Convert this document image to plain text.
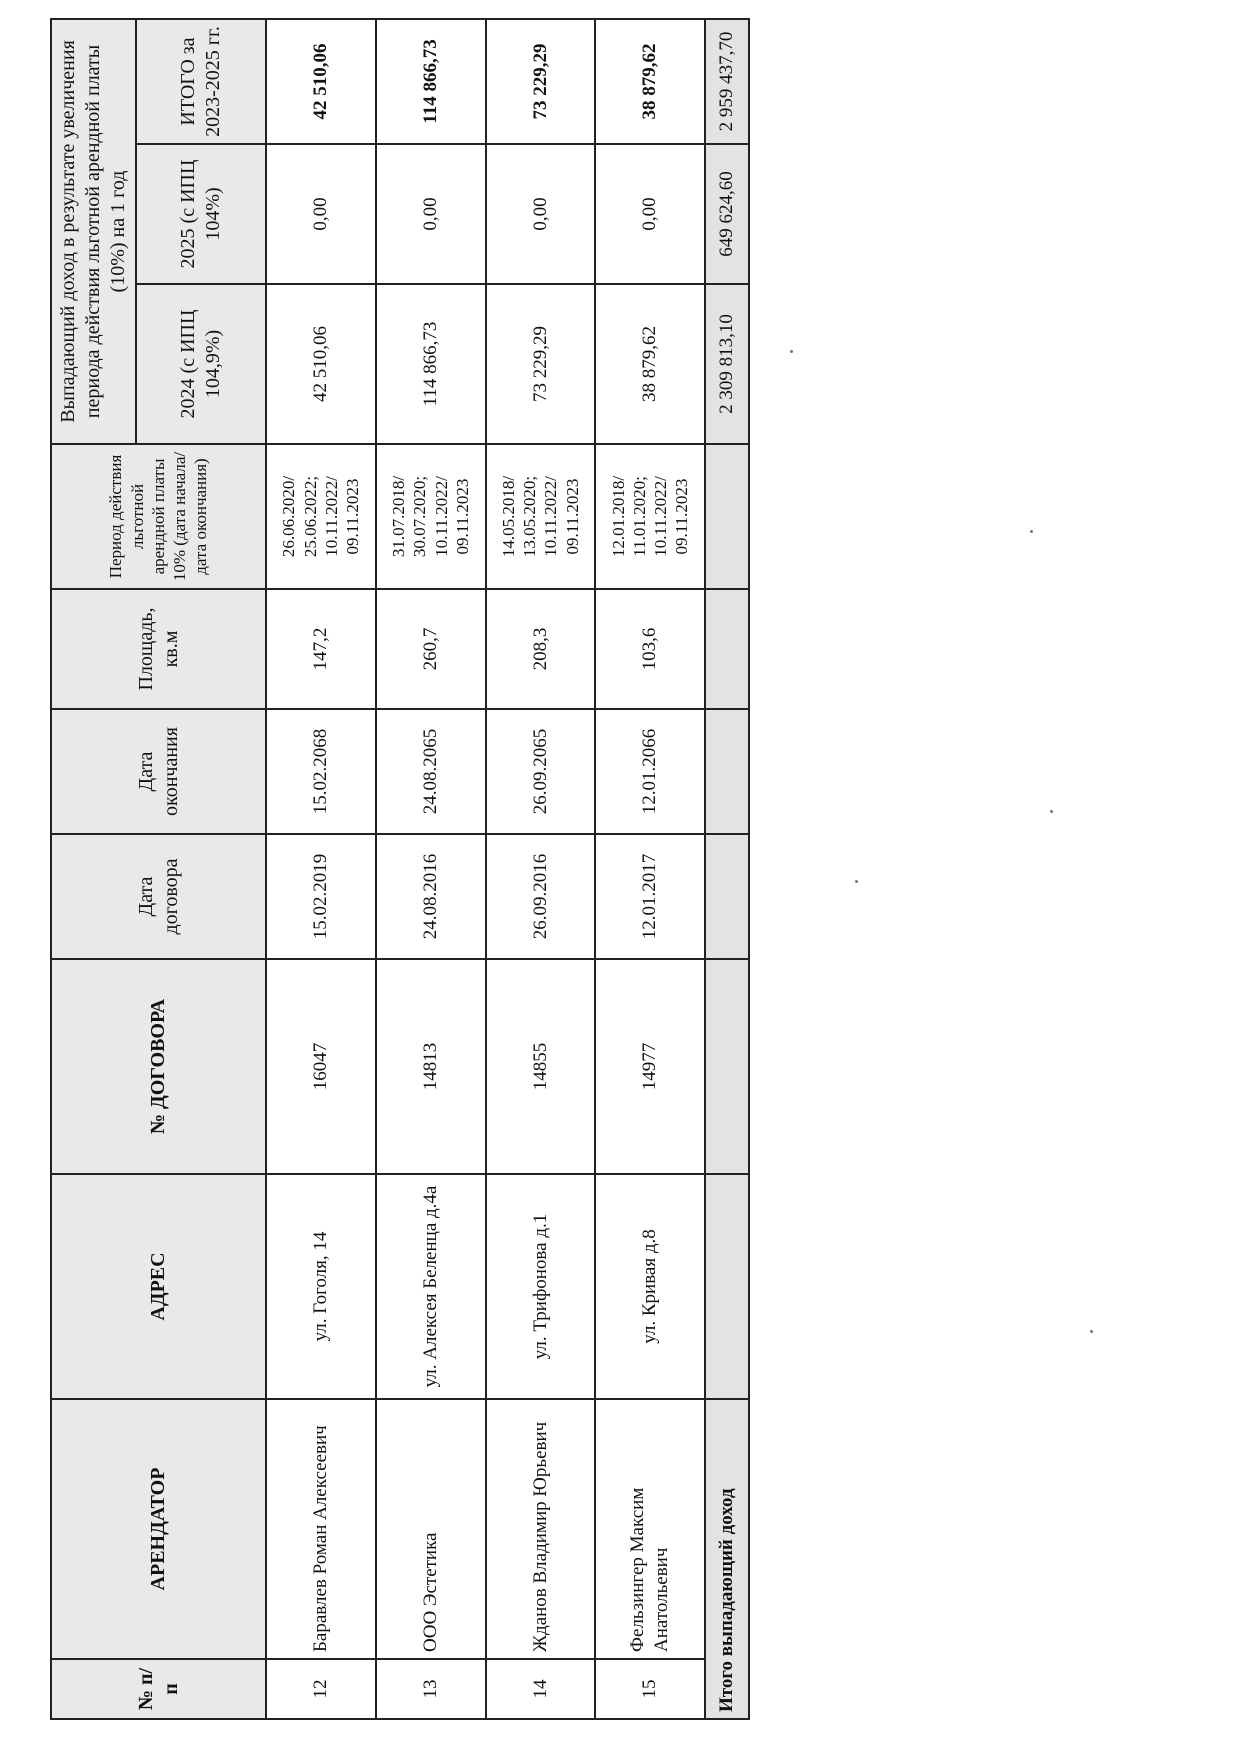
№ п/п	АРЕНДАТОР	АДРЕС	№ ДОГОВОРА	Дата договора	Дата окончания	Площадь, кв.м	Период действия льготной арендной платы 10% (дата начала/дата окончания)	Выпадающий доход в результате увеличения периода действия льготной арендной платы (10%) на 1 год		
								2024 (с ИПЦ 104,9%)	2025 (с ИПЦ 104%)	ИТОГО за 2023-2025 гг.
12	Баравлев Роман Алексеевич	ул. Гоголя, 14	16047	15.02.2019	15.02.2068	147,2	26.06.2020/ 25.06.2022; 10.11.2022/ 09.11.2023	42 510,06	0,00	42 510,06
13	ООО Эстетика	ул. Алексея Беленца д.4а	14813	24.08.2016	24.08.2065	260,7	31.07.2018/ 30.07.2020; 10.11.2022/ 09.11.2023	114 866,73	0,00	114 866,73
14	Жданов Владимир Юрьевич	ул. Трифонова д.1	14855	26.09.2016	26.09.2065	208,3	14.05.2018/ 13.05.2020; 10.11.2022/ 09.11.2023	73 229,29	0,00	73 229,29
15	Фельзингер Максим Анатольевич	ул. Кривая д.8	14977	12.01.2017	12.01.2066	103,6	12.01.2018/ 11.01.2020; 10.11.2022/ 09.11.2023	38 879,62	0,00	38 879,62
Итого выпадающий доход								2 309 813,10	649 624,60	2 959 437,70
